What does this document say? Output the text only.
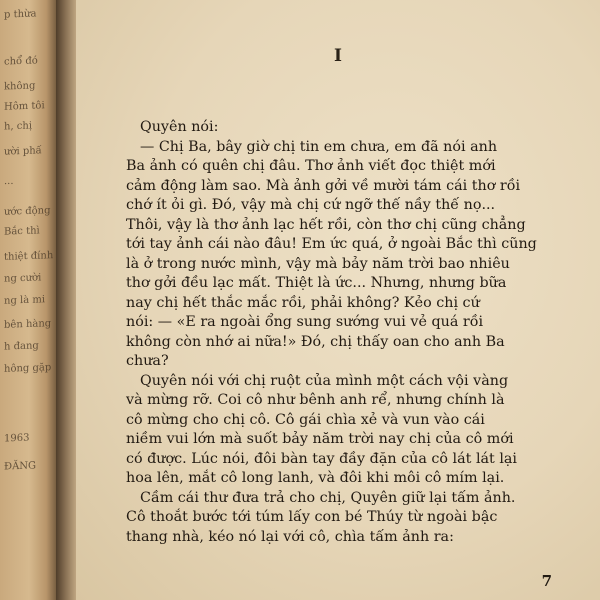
p thừa
chổ đó
không
Hôm tôi
h, chị
ười phấ
...
ước động
Bắc thì
thiệt đính
ng cười
ng là mi
bên hàng
h đang
hông gặp
1963
ĐĂNG
I
Quyên nói:
— Chị Ba, bây giờ chị tin em chưa, em đã nói anh
Ba ảnh có quên chị đâu. Thơ ảnh viết đọc thiệt mới
cảm động làm sao. Mà ảnh gởi về mười tám cái thơ rồi
chớ ít ỏi gì. Đó, vậy mà chị cứ ngỡ thế nầy thế nọ...
Thôi, vậy là thơ ảnh lạc hết rồi, còn thơ chị cũng chẳng
tới tay ảnh cái nào đâu! Em ức quá, ở ngoài Bắc thì cũng
là ở trong nước mình, vậy mà bảy năm trời bao nhiêu
thơ gởi đều lạc mất. Thiệt là ức... Nhưng, nhưng bữa
nay chị hết thắc mắc rồi, phải không? Kẻo chị cứ
nói: — «E ra ngoài ổng sung sướng vui vẻ quá rồi
không còn nhớ ai nữa!» Đó, chị thấy oan cho anh Ba
chưa?
Quyên nói với chị ruột của mình một cách vội vàng
và mừng rỡ. Coi cô như bênh anh rể, nhưng chính là
cô mừng cho chị cô. Cô gái chìa xẻ và vun vào cái
niềm vui lớn mà suốt bảy năm trời nay chị của cô mới
có được. Lúc nói, đôi bàn tay đầy đặn của cô lát lát lại
hoa lên, mắt cô long lanh, và đôi khi môi cô mím lại.
Cầm cái thư đưa trả cho chị, Quyên giữ lại tấm ảnh.
Cô thoắt bước tới túm lấy con bé Thúy từ ngoài bậc
thang nhà, kéo nó lại với cô, chìa tấm ảnh ra:
7
